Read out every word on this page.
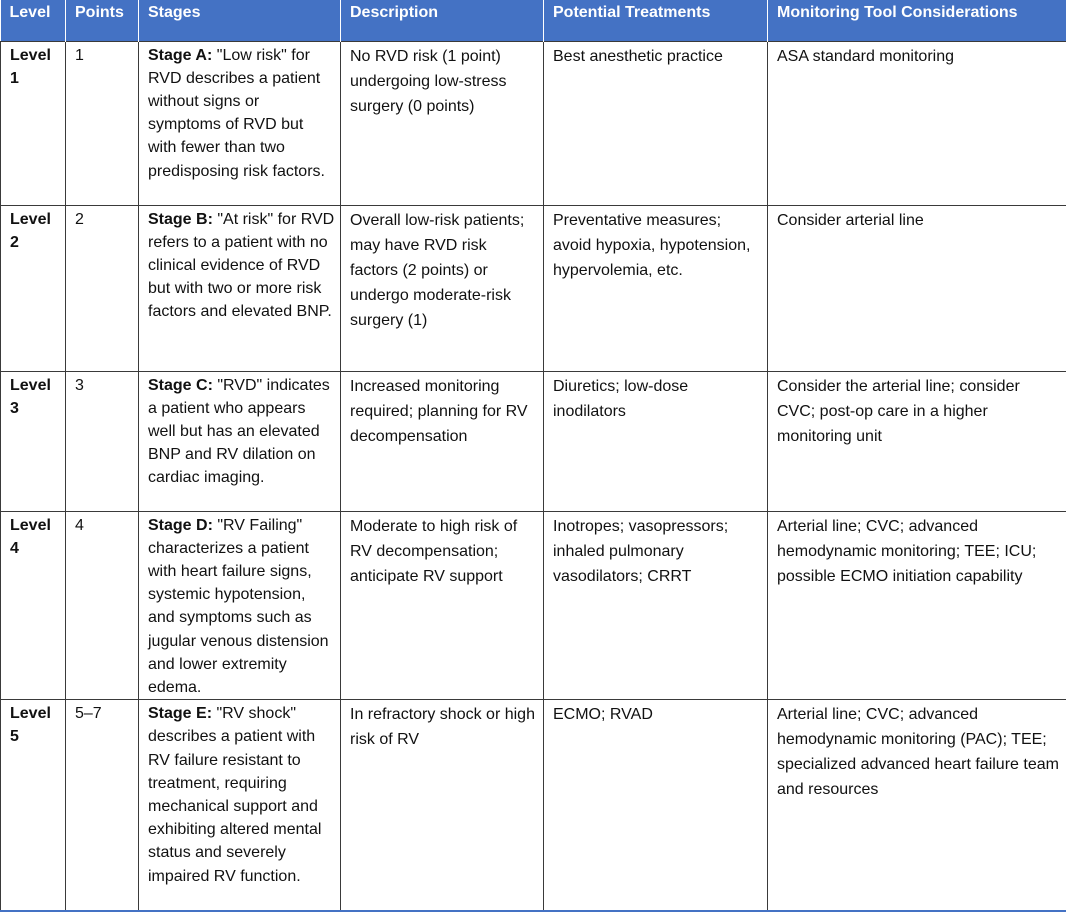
Level	Points	Stages	Description	Potential Treatments	Monitoring Tool Considerations
Level 1	1	Stage A: "Low risk" for RVD describes a patient without signs or symptoms of RVD but with fewer than two predisposing risk factors.	No RVD risk (1 point) undergoing low-stress surgery (0 points)	Best anesthetic practice	ASA standard monitoring
Level 2	2	Stage B: "At risk" for RVD refers to a patient with no clinical evidence of RVD but with two or more risk factors and elevated BNP.	Overall low-risk patients; may have RVD risk factors (2 points) or undergo moderate-risk surgery (1)	Preventative measures; avoid hypoxia, hypotension, hypervolemia, etc.	Consider arterial line
Level 3	3	Stage C: "RVD" indicates a patient who appears well but has an elevated BNP and RV dilation on cardiac imaging.	Increased monitoring required; planning for RV decompensation	Diuretics; low-dose inodilators	Consider the arterial line; consider CVC; post-op care in a higher monitoring unit
Level 4	4	Stage D: "RV Failing" characterizes a patient with heart failure signs, systemic hypotension, and symptoms such as jugular venous distension and lower extremity edema.	Moderate to high risk of RV decompensation; anticipate RV support	Inotropes; vasopressors; inhaled pulmonary vasodilators; CRRT	Arterial line; CVC; advanced hemodynamic monitoring; TEE; ICU; possible ECMO initiation capability
Level 5	5–7	Stage E: "RV shock" describes a patient with RV failure resistant to treatment, requiring mechanical support and exhibiting altered mental status and severely impaired RV function.	In refractory shock or high risk of RV	ECMO; RVAD	Arterial line; CVC; advanced hemodynamic monitoring (PAC); TEE; specialized advanced heart failure team and resources
